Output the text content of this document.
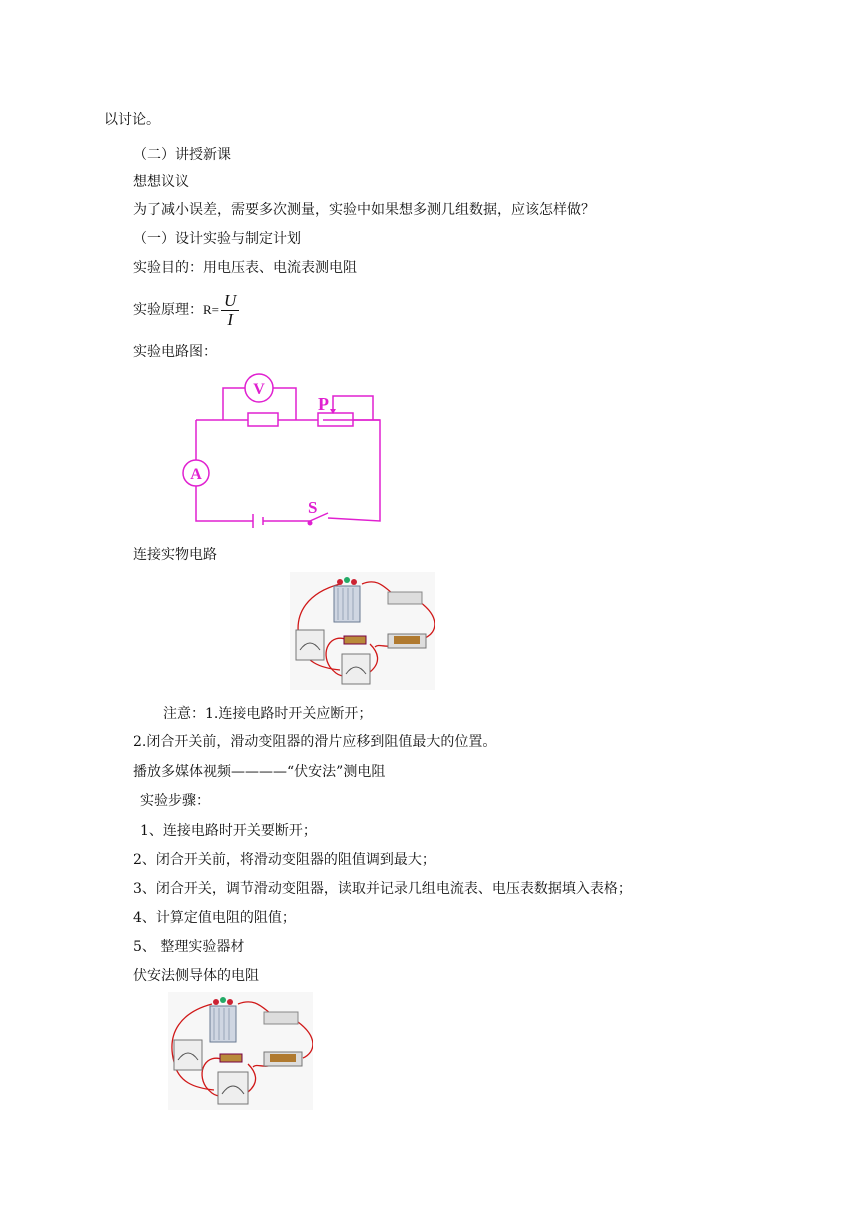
以讨论。
（二）讲授新课
想想议议
为了减小误差，需要多次测量，实验中如果想多测几组数据，应该怎样做？
（一）设计实验与制定计划
实验目的：用电压表、电流表测电阻
实验原理：$R= \frac{U}{I}$
实验电路图：
V
A
P
S
连接实物电路
注意：1.连接电路时开关应断开；
2.闭合开关前，滑动变阻器的滑片应移到阻值最大的位置。
播放多媒体视频————“伏安法”测电阻
实验步骤：
1、连接电路时开关要断开；
2、闭合开关前，将滑动变阻器的阻值调到最大；
3、闭合开关，调节滑动变阻器，读取并记录几组电流表、电压表数据填入表格；
4、计算定值电阻的阻值；
5、 整理实验器材
伏安法侧导体的电阻
